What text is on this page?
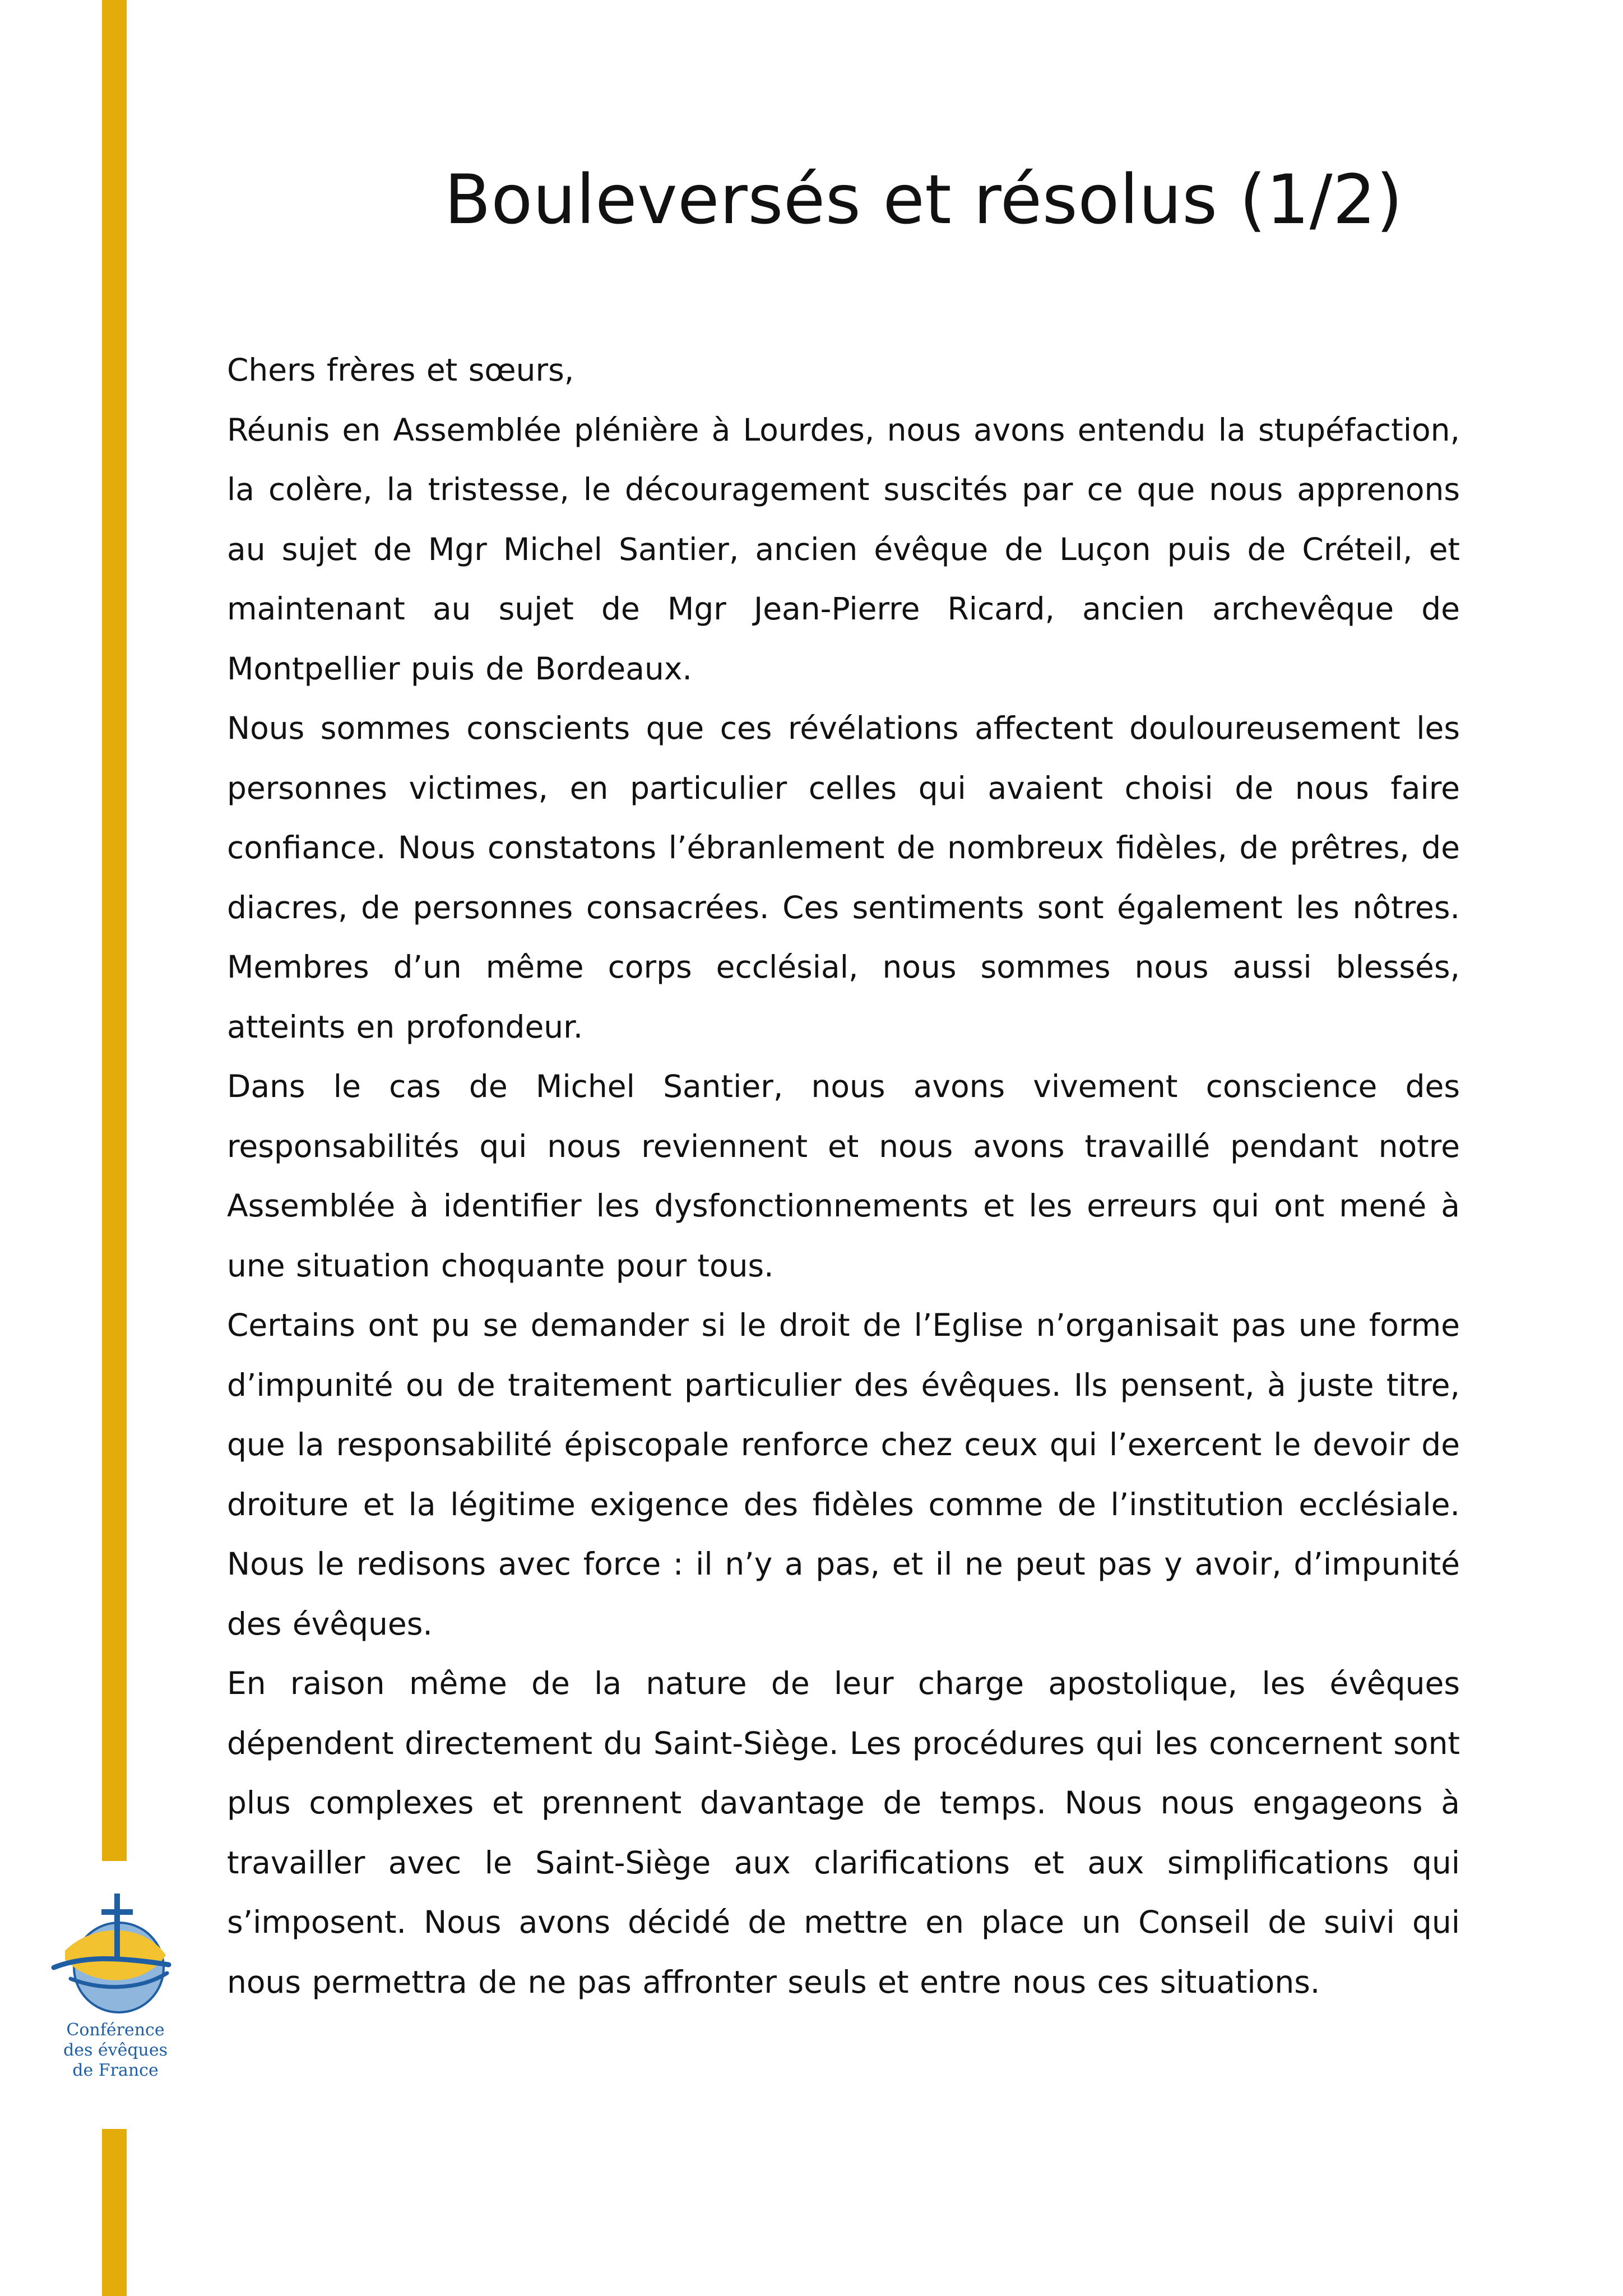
Conférence
des évêques
de France
Bouleversés et résolus (1/2)

Chers frères et sœurs,

Réunis en Assemblée plénière à Lourdes, nous avons entendu la stupéfaction, la colère, la tristesse, le découragement suscités par ce que nous apprenons au sujet de Mgr Michel Santier, ancien évêque de Luçon puis de Créteil, et maintenant au sujet de Mgr Jean-Pierre Ricard, ancien archevêque de Montpellier puis de Bordeaux.

Nous sommes conscients que ces révélations affectent douloureusement les personnes victimes, en particulier celles qui avaient choisi de nous faire confiance. Nous constatons l’ébranlement de nombreux fidèles, de prêtres, de diacres, de personnes consacrées. Ces sentiments sont également les nôtres. Membres d’un même corps ecclésial, nous sommes nous aussi blessés, atteints en profondeur.

Dans le cas de Michel Santier, nous avons vivement conscience des responsabilités qui nous reviennent et nous avons travaillé pendant notre Assemblée à identifier les dysfonctionnements et les erreurs qui ont mené à une situation choquante pour tous.

Certains ont pu se demander si le droit de l’Eglise n’organisait pas une forme d’impunité ou de traitement particulier des évêques. Ils pensent, à juste titre, que la responsabilité épiscopale renforce chez ceux qui l’exercent le devoir de droiture et la légitime exigence des fidèles comme de l’institution ecclésiale. Nous le redisons avec force : il n’y a pas, et il ne peut pas y avoir, d’impunité des évêques.

En raison même de la nature de leur charge apostolique, les évêques dépendent directement du Saint-Siège. Les procédures qui les concernent sont plus complexes et prennent davantage de temps. Nous nous engageons à travailler avec le Saint-Siège aux clarifications et aux simplifications qui s’imposent. Nous avons décidé de mettre en place un Conseil de suivi qui nous permettra de ne pas affronter seuls et entre nous ces situations.
